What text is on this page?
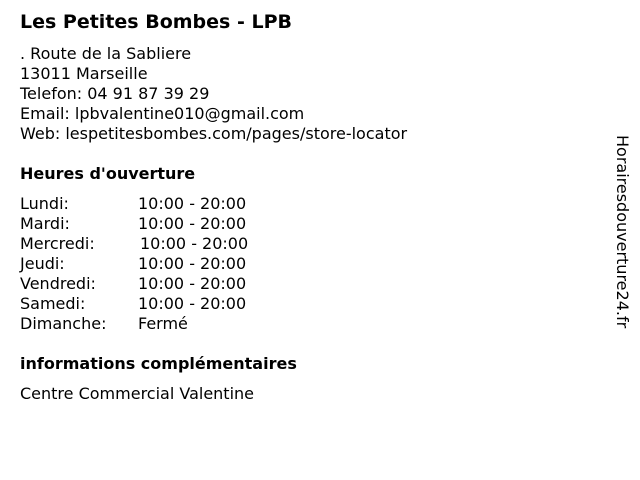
Les Petites Bombes - LPB
. Route de la Sabliere
13011 Marseille
Telefon: 04 91 87 39 29
Email: lpbvalentine010@gmail.com
Web: lespetitesbombes.com/pages/store-locator
Heures d'ouverture
Lundi:	10:00 - 20:00
Mardi:	10:00 - 20:00
Mercredi:	10:00 - 20:00
Jeudi:	10:00 - 20:00
Vendredi:	10:00 - 20:00
Samedi:	10:00 - 20:00
Dimanche: Fermé
informations complémentaires
Centre Commercial Valentine
Horairesdouverture24.fr
